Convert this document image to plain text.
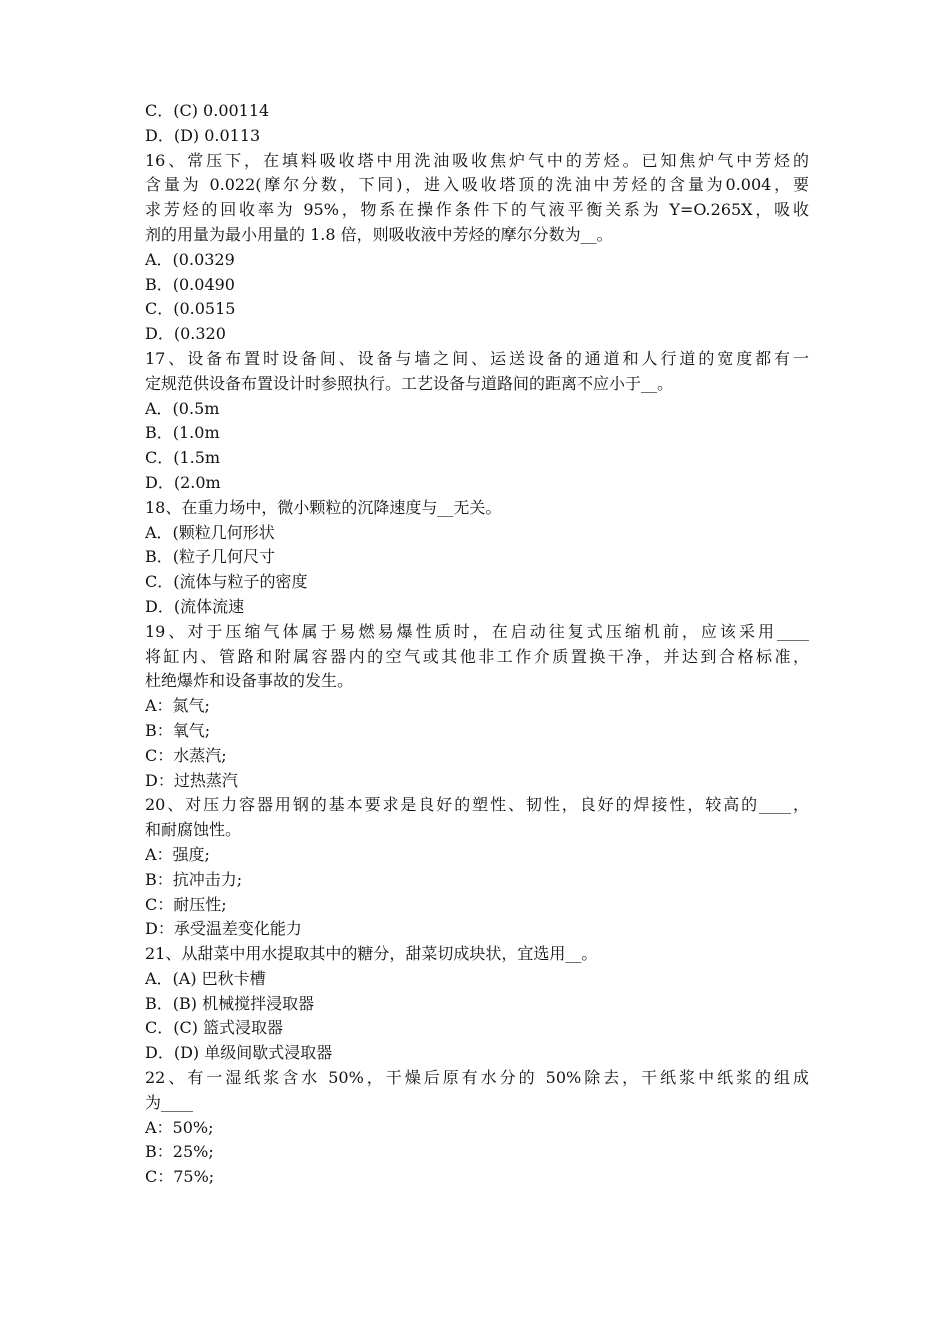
C．(C) 0.00114
D．(D) 0.0113
16、常压下，在填料吸收塔中用洗油吸收焦炉气中的芳烃。已知焦炉气中芳烃的
含量为 0.022(摩尔分数，下同)，进入吸收塔顶的洗油中芳烃的含量为0.004，要
求芳烃的回收率为 95%，物系在操作条件下的气液平衡关系为 Y=O.265X，吸收
剂的用量为最小用量的 1.8 倍，则吸收液中芳烃的摩尔分数为__。
A．(0.0329
B．(0.0490
C．(0.0515
D．(0.320
17、设备布置时设备间、设备与墙之间、运送设备的通道和人行道的宽度都有一
定规范供设备布置设计时参照执行。工艺设备与道路间的距离不应小于__。
A．(0.5m
B．(1.0m
C．(1.5m
D．(2.0m
18、在重力场中，微小颗粒的沉降速度与__无关。
A．(颗粒几何形状
B．(粒子几何尺寸
C．(流体与粒子的密度
D．(流体流速
19、对于压缩气体属于易燃易爆性质时，在启动往复式压缩机前，应该采用____
将缸内、管路和附属容器内的空气或其他非工作介质置换干净，并达到合格标准，
杜绝爆炸和设备事故的发生。
A：氮气;
B：氧气;
C：水蒸汽;
D：过热蒸汽
20、对压力容器用钢的基本要求是良好的塑性、韧性，良好的焊接性，较高的____，
和耐腐蚀性。
A：强度;
B：抗冲击力;
C：耐压性;
D：承受温差变化能力
21、从甜菜中用水提取其中的糖分，甜菜切成块状，宜选用__。
A．(A) 巴秋卡槽
B．(B) 机械搅拌浸取器
C．(C) 篮式浸取器
D．(D) 单级间歇式浸取器
22、有一湿纸浆含水 50%，干燥后原有水分的 50%除去，干纸浆中纸浆的组成
为____
A：50%;
B：25%;
C：75%;
